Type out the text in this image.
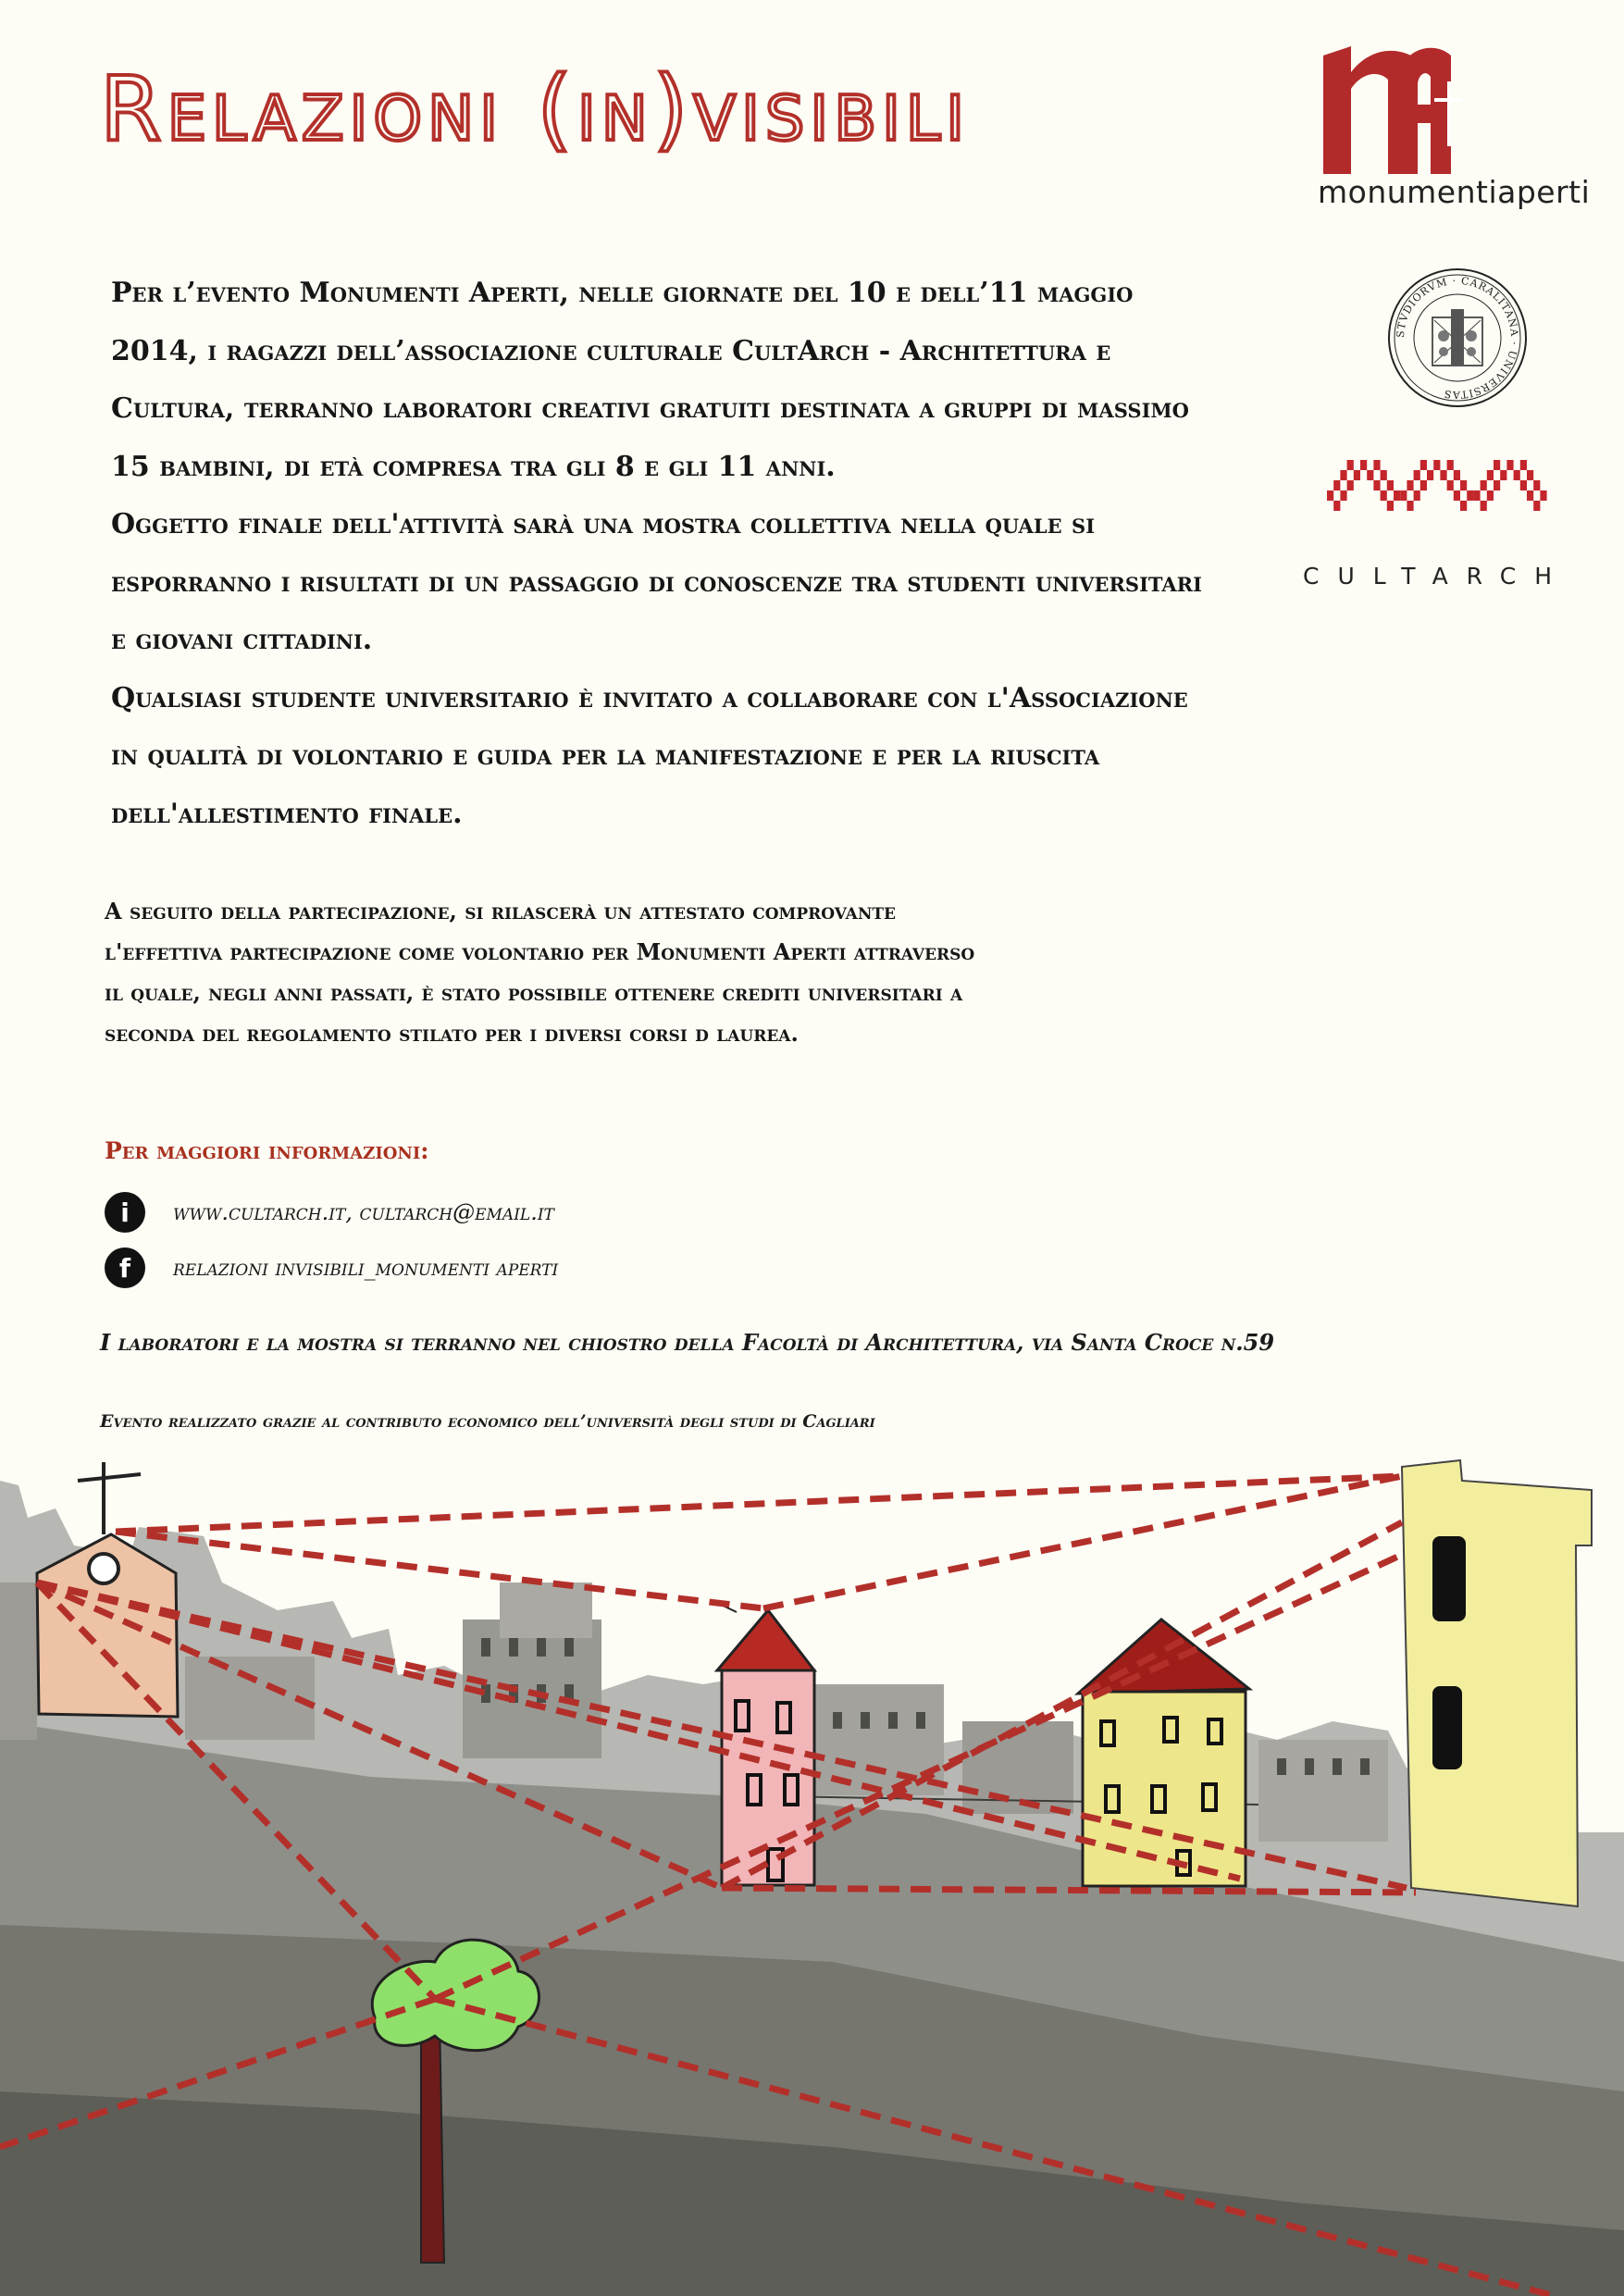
Relazioni (in)visibili
monumentiaperti
STVDIORVM · CARALITANA · UNIVERSITAS
CULTARCH
Per l’evento Monumenti Aperti, nelle giornate del 10 e dell’11 maggio 2014, i ragazzi dell’associazione culturale CultArch - Architettura e Cultura, terranno laboratori creativi gratuiti destinata a gruppi di massimo 15 bambini, di età compresa tra gli 8 e gli 11 anni.
Oggetto finale dell'attività sarà una mostra collettiva nella quale si esporranno i risultati di un passaggio di conoscenze tra studenti universitari e giovani cittadini.
Qualsiasi studente universitario è invitato a collaborare con l'Associazione in qualità di volontario e guida per la manifestazione e per la riuscita dell'allestimento finale.
A seguito della partecipazione, si rilascerà un attestato comprovante
l'effettiva partecipazione come volontario per Monumenti Aperti attraverso
il quale, negli anni passati, è stato possibile ottenere crediti universitari a
seconda del regolamento stilato per i diversi corsi d laurea.
Per maggiori informazioni:
i	www.cultarch.it, cultarch@email.it
f	relazioni invisibili_monumenti aperti
I laboratori e la mostra si terranno nel chiostro della Facoltà di Architettura, via Santa Croce n.59
Evento realizzato grazie al contributo economico dell’università degli studi di Cagliari
